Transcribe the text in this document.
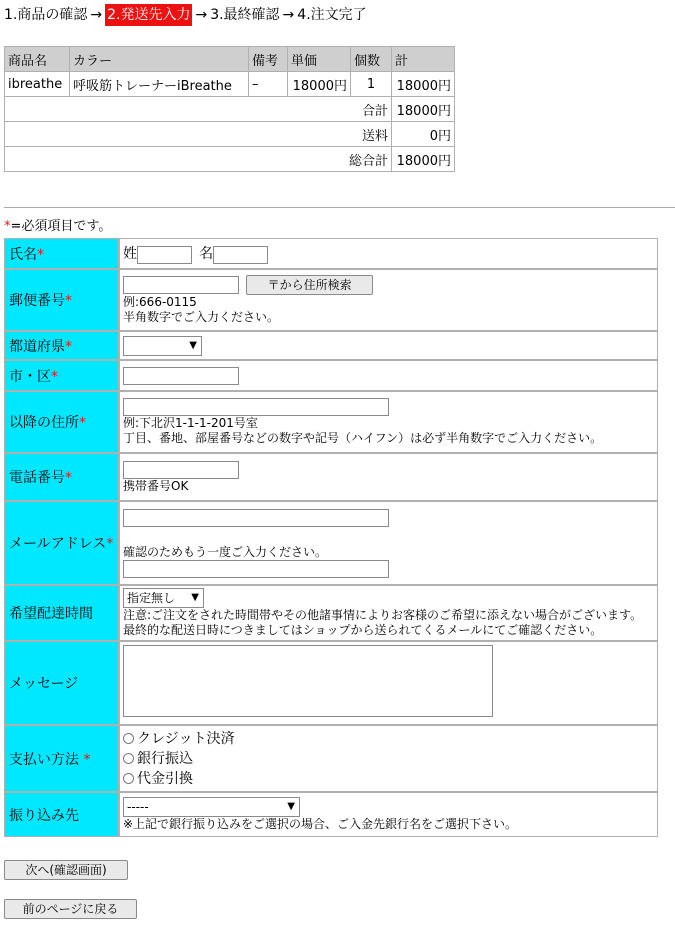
1.商品の確認 → 2.発送先入力 → 3.最終確認 → 4.注文完了
商品名	カラー	備考	単価	個数	計
ibreathe	呼吸筋トレーナーiBreathe	–	18000円	1	18000円
合計					18000円
送料					0円
総合計					18000円
*=必須項目です。
氏名*	姓 名
郵便番号*	〒から住所検索
例:666-0115
半角数字でご入力ください。

都道府県*	▼

市・区*	
以降の住所*	例:下北沢1-1-1-201号室
丁目、番地、部屋番号などの数字や記号（ハイフン）は必ず半角数字でご入力ください。

電話番号*	携帯番号OK

メールアドレス*	確認のためもう一度ご入力ください。

希望配達時間	指定無し ▼
注意:ご注文をされた時間帯やその他諸事情によりお客様のご希望に添えない場合がございます。
最終的な配送日時につきましてはショップから送られてくるメールにてご確認ください。

メッセージ	
支払い方法 *	クレジット決済
銀行振込
代金引換

振り込み先	----- ▼
※上記で銀行振り込みをご選択の場合、ご入金先銀行名をご選択下さい。
次へ(確認画面)
前のページに戻る
